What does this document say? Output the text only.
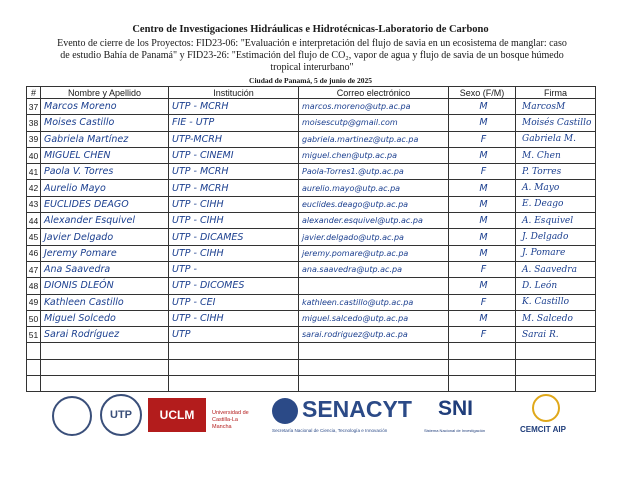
Centro de Investigaciones Hidráulicas e Hidrotécnicas-Laboratorio de Carbono
Evento de cierre de los Proyectos: FID23-06: "Evaluación e interpretación del flujo de savia en un ecosistema de manglar: caso de estudio Bahía de Panamá" y FID23-26: "Estimación del flujo de CO₂, vapor de agua y flujo de savia de un bosque húmedo tropical interurbano"
Ciudad de Panamá, 5 de junio de 2025
#	Nombre y Apellido	Institución	Correo electrónico	Sexo (F/M)	Firma
37	Marcos Moreno	UTP - MCRH	marcos.moreno@utp.ac.pa	M	MarcosM
38	Moises Castillo	FIE - UTP	moisescutp@gmail.com	M	Moisés Castillo
39	Gabriela Martínez	UTP-MCRH	gabriela.martinez@utp.ac.pa	F	Gabriela M.
40	MIGUEL CHEN	UTP - CINEMI	miguel.chen@utp.ac.pa	M	M. Chen
41	Paola V. Torres	UTP - MCRH	Paola-Torres1.@utp.ac.pa	F	P. Torres
42	Aurelio Mayo	UTP - MCRH	aurelio.mayo@utp.ac.pa	M	A. Mayo
43	EUCLIDES DEAGO	UTP - CIHH	euclides.deago@utp.ac.pa	M	E. Deago
44	Alexander Esquivel	UTP - CIHH	alexander.esquivel@utp.ac.pa	M	A. Esquivel
45	Javier Delgado	UTP - DICAMES	javier.delgado@utp.ac.pa	M	J. Delgado
46	Jeremy Pomare	UTP - CIHH	jeremy.pomare@utp.ac.pa	M	J. Pomare
47	Ana Saavedra	UTP -	ana.saavedra@utp.ac.pa	F	A. Saavedra
48	DIONIS DLEÓN	UTP - DICOMES		M	D. León
49	Kathleen Castillo	UTP - CEI	kathleen.castillo@utp.ac.pa	F	K. Castillo
50	Miguel Solcedo	UTP - CIHH	miguel.salcedo@utp.ac.pa	M	M. Salcedo
51	Sarai Rodríguez	UTP	sarai.rodriguez@utp.ac.pa	F	Sarai R.

UTP	UCLM	Universidad de Castilla-La Mancha
SENACYT
Secretaría Nacional de Ciencia, Tecnología e Innovación
SNI
Sistema Nacional de Investigación	CEMCIT AIP
